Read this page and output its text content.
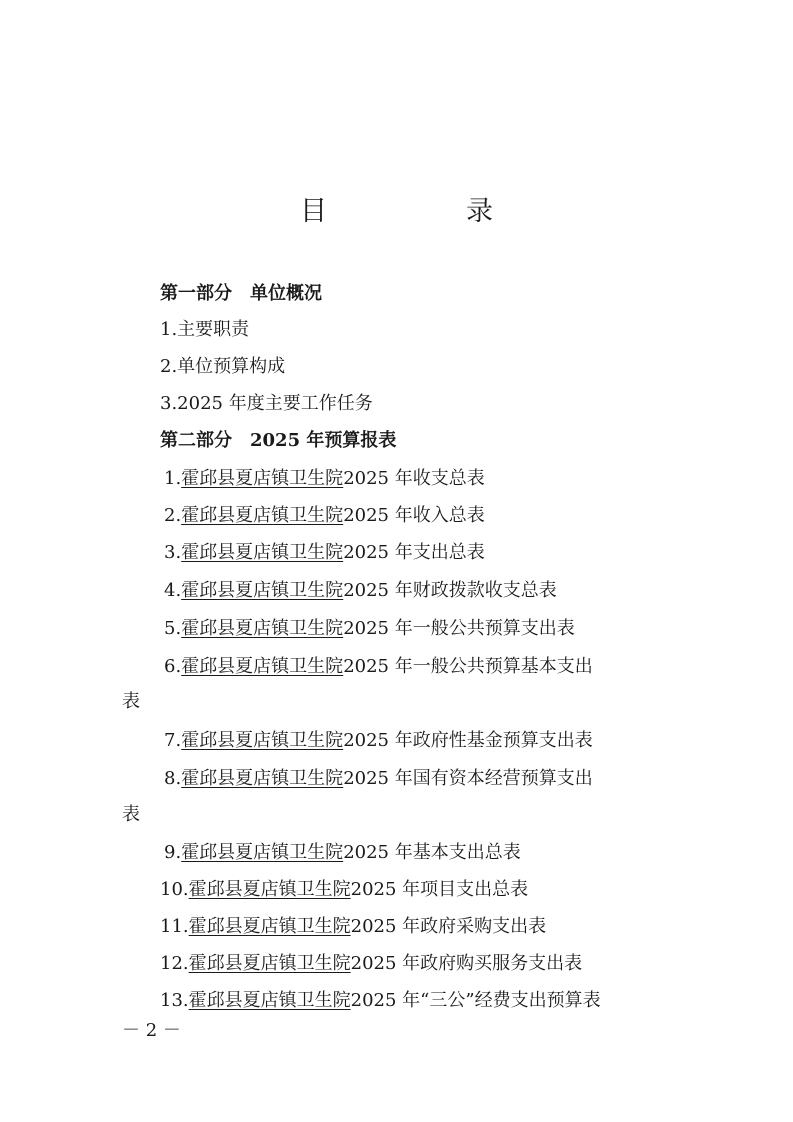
目　录
第一部分　单位概况
1.主要职责
2.单位预算构成
3.2025 年度主要工作任务
第二部分　2025 年预算报表
1.霍邱县夏店镇卫生院2025 年收支总表
2.霍邱县夏店镇卫生院2025 年收入总表
3.霍邱县夏店镇卫生院2025 年支出总表
4.霍邱县夏店镇卫生院2025 年财政拨款收支总表
5.霍邱县夏店镇卫生院2025 年一般公共预算支出表
6.霍邱县夏店镇卫生院2025 年一般公共预算基本支出
表
7.霍邱县夏店镇卫生院2025 年政府性基金预算支出表
8.霍邱县夏店镇卫生院2025 年国有资本经营预算支出
表
9.霍邱县夏店镇卫生院2025 年基本支出总表
10.霍邱县夏店镇卫生院2025 年项目支出总表
11.霍邱县夏店镇卫生院2025 年政府采购支出表
12.霍邱县夏店镇卫生院2025 年政府购买服务支出表
13.霍邱县夏店镇卫生院2025 年“三公”经费支出预算表
－ 2 －
